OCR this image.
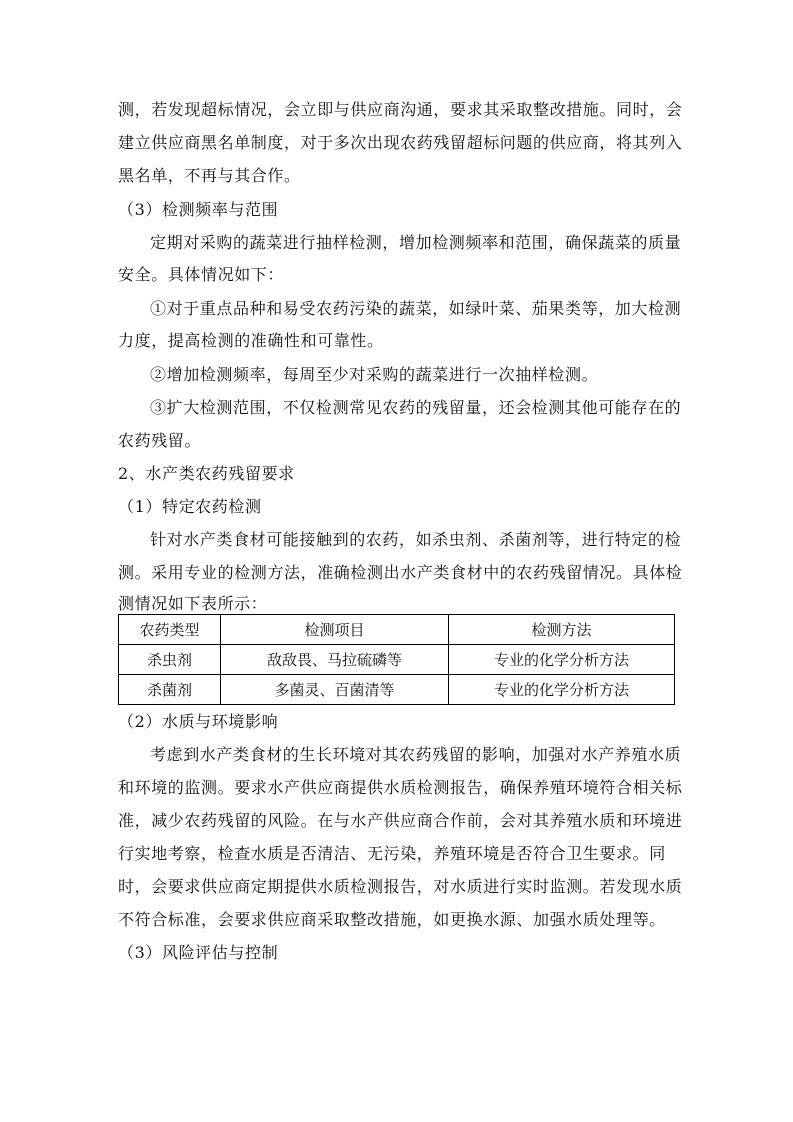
测，若发现超标情况，会立即与供应商沟通，要求其采取整改措施。同时，会
建立供应商黑名单制度，对于多次出现农药残留超标问题的供应商，将其列入
黑名单，不再与其合作。
（3）检测频率与范围
定期对采购的蔬菜进行抽样检测，增加检测频率和范围，确保蔬菜的质量
安全。具体情况如下：
①对于重点品种和易受农药污染的蔬菜，如绿叶菜、茄果类等，加大检测
力度，提高检测的准确性和可靠性。
②增加检测频率，每周至少对采购的蔬菜进行一次抽样检测。
③扩大检测范围，不仅检测常见农药的残留量，还会检测其他可能存在的
农药残留。
2、水产类农药残留要求
（1）特定农药检测
针对水产类食材可能接触到的农药，如杀虫剂、杀菌剂等，进行特定的检
测。采用专业的检测方法，准确检测出水产类食材中的农药残留情况。具体检
测情况如下表所示：
农药类型	检测项目	检测方法
杀虫剂	敌敌畏、马拉硫磷等	专业的化学分析方法
杀菌剂	多菌灵、百菌清等	专业的化学分析方法
（2）水质与环境影响
考虑到水产类食材的生长环境对其农药残留的影响，加强对水产养殖水质
和环境的监测。要求水产供应商提供水质检测报告，确保养殖环境符合相关标
准，减少农药残留的风险。在与水产供应商合作前，会对其养殖水质和环境进
行实地考察，检查水质是否清洁、无污染，养殖环境是否符合卫生要求。同
时，会要求供应商定期提供水质检测报告，对水质进行实时监测。若发现水质
不符合标准，会要求供应商采取整改措施，如更换水源、加强水质处理等。
（3）风险评估与控制
